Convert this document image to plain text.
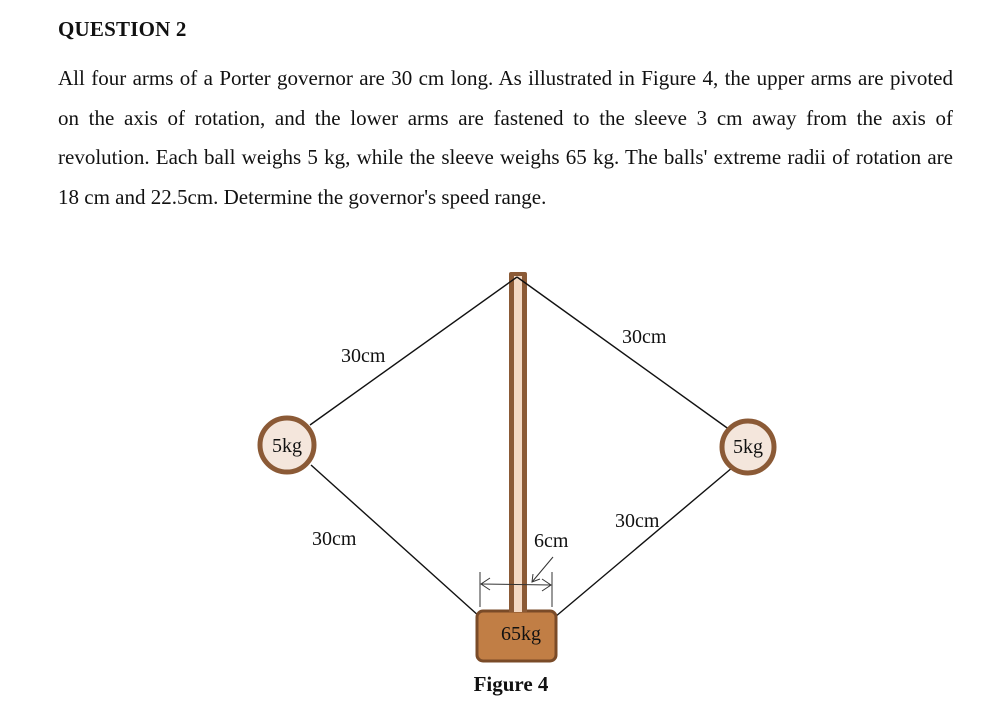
QUESTION 2
All four arms of a Porter governor are 30 cm long. As illustrated in Figure 4, the upper arms are pivoted on the axis of rotation, and the lower arms are fastened to the sleeve 3 cm away from the axis of revolution. Each ball weighs 5 kg, while the sleeve weighs 65 kg. The balls' extreme radii of rotation are 18 cm and 22.5cm. Determine the governor's speed range.
5kg	5kg
65kg
30cm
30cm
30cm
30cm
6cm
Figure 4
